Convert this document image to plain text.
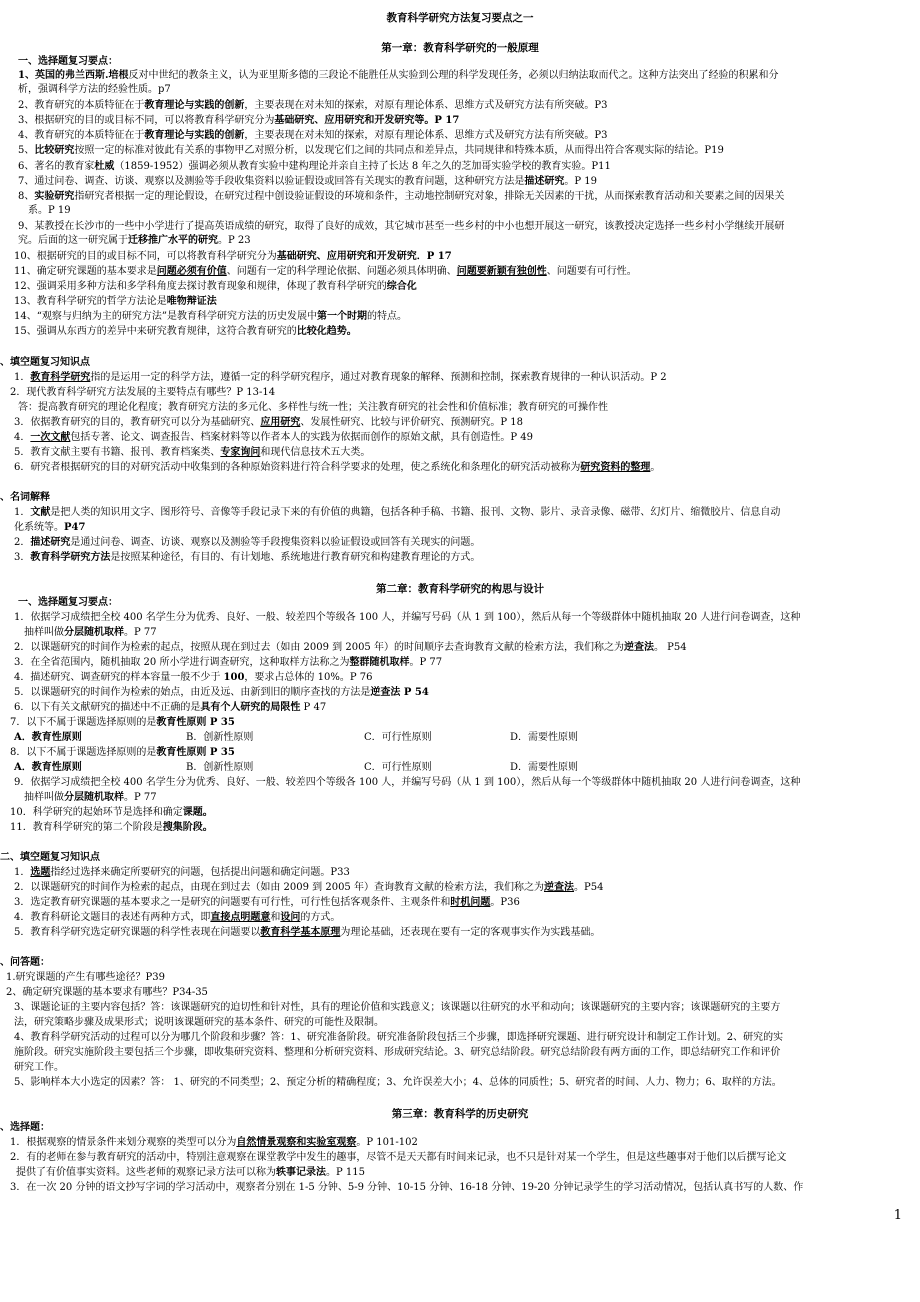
教育科学研究方法复习要点之一
第一章：教育科学研究的一般原理
一、选择题复习要点：
1、英国的弗兰西斯.培根反对中世纪的教条主义，认为亚里斯多德的三段论不能胜任从实验到公理的科学发现任务，必须以归纳法取而代之。这种方法突出了经验的积累和分
析，强调科学方法的经验性质。p7
2、教育研究的本质特征在于教育理论与实践的创新，主要表现在对未知的探索，对原有理论体系、思维方式及研究方法有所突破。P3
3、根据研究的目的或目标不同，可以将教育科学研究分为基础研究、应用研究和开发研究等。P 17
4、教育研究的本质特征在于教育理论与实践的创新，主要表现在对未知的探索，对原有理论体系、思维方式及研究方法有所突破。P3
5、比较研究按照一定的标准对彼此有关系的事物甲乙对照分析，以发现它们之间的共同点和差异点，共同规律和特殊本质，从而得出符合客观实际的结论。P19
6、著名的教育家杜威（1859-1952）强调必须从教育实验中建构理论并亲自主持了长达 8 年之久的芝加哥实验学校的教育实验。P11
7、通过问卷、调查、访谈、观察以及测验等手段收集资料以验证假设或回答有关现实的教育问题，这种研究方法是描述研究。P 19
8、实验研究指研究者根据一定的理论假设，在研究过程中创设验证假设的环境和条件，主动地控制研究对象，排除无关因素的干扰，从而探索教育活动和关要素之间的因果关
系。P 19
9、某教授在长沙市的一些中小学进行了提高英语成绩的研究，取得了良好的成效，其它城市甚至一些乡村的中小也想开展这一研究，该教授决定选择一些乡村小学继续开展研
究。后面的这一研究属于迁移推广水平的研究。P 23
10、根据研究的目的或目标不同，可以将教育科学研究分为基础研究、应用研究和开发研究．P 17
11、确定研究课题的基本要求是问题必须有价值、问题有一定的科学理论依据、问题必须具体明确、问题要新颖有独创性、问题要有可行性。
12、强调采用多种方法和多学科角度去探讨教育现象和规律，体现了教育科学研究的综合化
13、教育科学研究的哲学方法论是唯物辩证法
14、“观察与归纳为主的研究方法”是教育科学研究方法的历史发展中第一个时期的特点。
15、强调从东西方的差异中来研究教育规律，这符合教育研究的比较化趋势。
、填空题复习知识点
1．教育科学研究指的是运用一定的科学方法，遵循一定的科学研究程序，通过对教育现象的解释、预测和控制，探索教育规律的一种认识活动。P 2
2．现代教育科学研究方法发展的主要特点有哪些？P 13-14
答：提高教育研究的理论化程度；教育研究方法的多元化、多样性与统一性；关注教育研究的社会性和价值标准；教育研究的可操作性
3．依据教育研究的目的，教育研究可以分为基础研究、应用研究、发展性研究、比较与评价研究、预测研究。P 18
4．一次文献包括专著、论文、调查报告、档案材料等以作者本人的实践为依据而创作的原始文献，具有创造性。P 49
5．教育文献主要有书籍、报刊、教育档案类、专家询问和现代信息技术五大类。
6．研究者根据研究的目的对研究活动中收集到的各种原始资料进行符合科学要求的处理，使之系统化和条理化的研究活动被称为研究资料的整理。
、名词解释
1．文献是把人类的知识用文字、图形符号、音像等手段记录下来的有价值的典籍，包括各种手稿、书籍、报刊、文物、影片、录音录像、磁带、幻灯片、缩微胶片、信息自动
化系统等。P47
2．描述研究是通过问卷、调查、访谈、观察以及测验等手段搜集资料以验证假设或回答有关现实的问题。
3．教育科学研究方法是按照某种途径，有目的、有计划地、系统地进行教育研究和构建教育理论的方式。
第二章：教育科学研究的构思与设计
一、选择题复习要点：
1．依据学习成绩把全校 400 名学生分为优秀、良好、一般、较差四个等级各 100 人，并编写号码（从 1 到 100），然后从每一个等级群体中随机抽取 20 人进行问卷调查，这种
抽样叫做分层随机取样。P 77
2．以课题研究的时间作为检索的起点，按照从现在到过去（如由 2009 到 2005 年）的时间顺序去查询教育文献的检索方法，我们称之为逆查法。 P54
3．在全省范围内，随机抽取 20 所小学进行调查研究，这种取样方法称之为整群随机取样。P 77
4．描述研究、调查研究的样本容量一般不少于 100，要求占总体的 10%。P 76
5．以课题研究的时间作为检索的始点，由近及远、由新到旧的顺序查找的方法是逆查法 P 54
6．以下有关文献研究的描述中不正确的是具有个人研究的局限性 P 47
7．以下不属于课题选择原则的是教育性原则 P 35
A．教育性原则	B．创新性原则	C．可行性原则	D．需要性原则
8．以下不属于课题选择原则的是教育性原则 P 35
A．教育性原则	B．创新性原则	C．可行性原则	D．需要性原则
9．依据学习成绩把全校 400 名学生分为优秀、良好、一般、较差四个等级各 100 人，并编写号码（从 1 到 100），然后从每一个等级群体中随机抽取 20 人进行问卷调查，这种
抽样叫做分层随机取样。P 77
10．科学研究的起始环节是选择和确定课题。
11．教育科学研究的第二个阶段是搜集阶段。
二、填空题复习知识点
1．选题指经过选择来确定所要研究的问题，包括提出问题和确定问题。P33
2．以课题研究的时间作为检索的起点，由现在到过去（如由 2009 到 2005 年）查询教育文献的检索方法，我们称之为逆查法。P54
3．选定教育研究课题的基本要求之一是研究的问题要有可行性，可行性包括客观条件、主观条件和时机问题。P36
4．教育科研论文题目的表述有两种方式，即直接点明题意和设问的方式。
5．教育科学研究选定研究课题的科学性表现在问题要以教育科学基本原理为理论基础，还表现在要有一定的客观事实作为实践基础。
、问答题：
1.研究课题的产生有哪些途径？P39
2、确定研究课题的基本要求有哪些？P34-35
3、课题论证的主要内容包括？答：该课题研究的迫切性和针对性，具有的理论价值和实践意义；该课题以往研究的水平和动向；该课题研究的主要内容；该课题研究的主要方
法，研究策略步骤及成果形式；说明该课题研究的基本条件、研究的可能性及限制。
4、教育科学研究活动的过程可以分为哪几个阶段和步骤？答：1、研究准备阶段。研究准备阶段包括三个步骤，即选择研究课题、进行研究设计和制定工作计划。2、研究的实
施阶段。研究实施阶段主要包括三个步骤，即收集研究资料、整理和分析研究资料、形成研究结论。3、研究总结阶段。研究总结阶段有两方面的工作，即总结研究工作和评价
研究工作。
5、影响样本大小选定的因素？答： 1、研究的不同类型；2、预定分析的精确程度；3、允许误差大小；4、总体的同质性；5、研究者的时间、人力、物力；6、取样的方法。
第三章：教育科学的历史研究
、选择题：
1．根据观察的情景条件来划分观察的类型可以分为自然情景观察和实验室观察。P 101-102
2．有的老师在参与教育研究的活动中，特别注意观察在课堂教学中发生的趣事，尽管不是天天都有时间来记录，也不只是针对某一个学生，但是这些趣事对于他们以后撰写论文
提供了有价值事实资料。这些老师的观察记录方法可以称为轶事记录法。P 115
3．在一次 20 分钟的语文抄写字词的学习活动中，观察者分别在 1-5 分钟、5-9 分钟、10-15 分钟、16-18 分钟、19-20 分钟记录学生的学习活动情况，包括认真书写的人数、作
1
